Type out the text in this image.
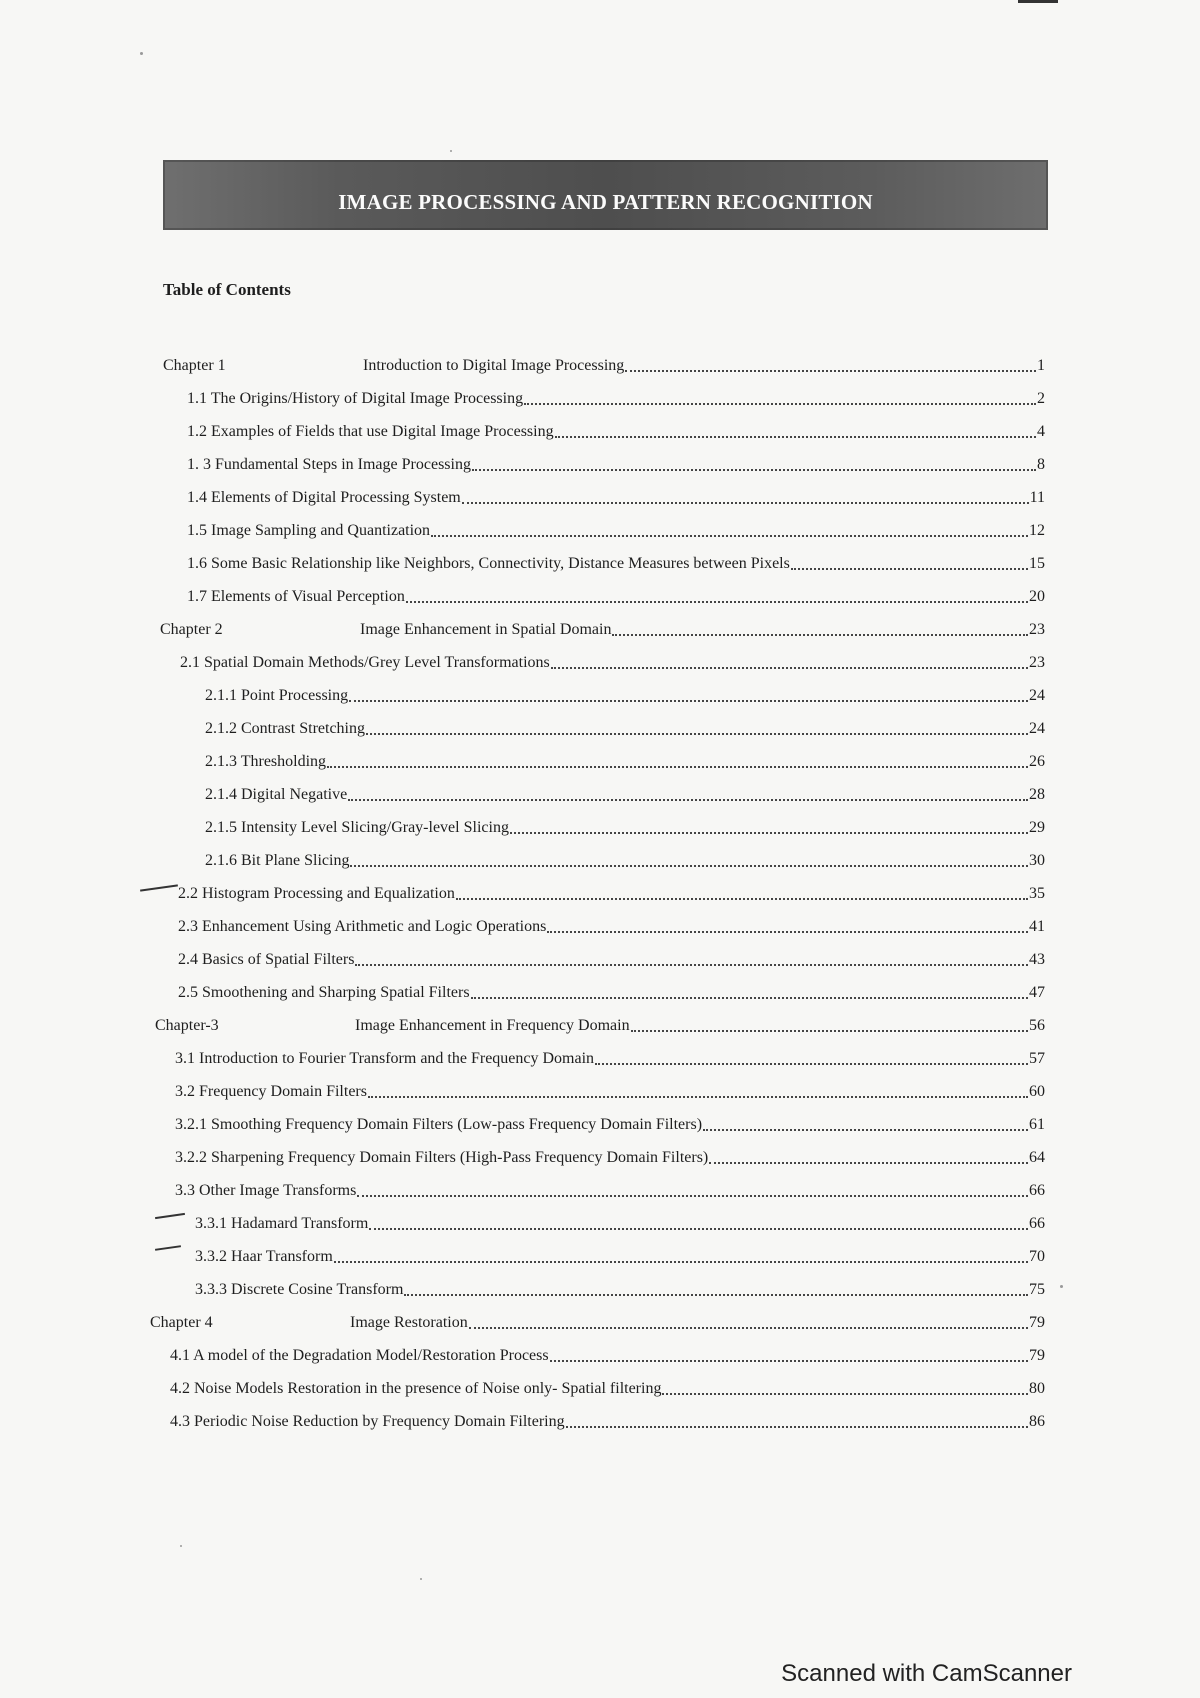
IMAGE PROCESSING AND PATTERN RECOGNITION
Table of Contents
Chapter 1	Introduction to Digital Image Processing	1
1.1 The Origins/History of Digital Image Processing	2
1.2 Examples of Fields that use Digital Image Processing	4
1. 3 Fundamental Steps in Image Processing	8
1.4 Elements of Digital Processing System	11
1.5 Image Sampling and Quantization	12
1.6 Some Basic Relationship like Neighbors, Connectivity, Distance Measures between Pixels	15
1.7 Elements of Visual Perception	20
Chapter 2	Image Enhancement in Spatial Domain	23
2.1 Spatial Domain Methods/Grey Level Transformations	23
2.1.1 Point Processing	24
2.1.2 Contrast Stretching	24
2.1.3 Thresholding	26
2.1.4 Digital Negative	28
2.1.5 Intensity Level Slicing/Gray-level Slicing	29
2.1.6 Bit Plane Slicing	30
2.2 Histogram Processing and Equalization	35
2.3 Enhancement Using Arithmetic and Logic Operations	41
2.4 Basics of Spatial Filters	43
2.5 Smoothening and Sharping Spatial Filters	47
Chapter-3	Image Enhancement in Frequency Domain	56
3.1 Introduction to Fourier Transform and the Frequency Domain	57
3.2 Frequency Domain Filters	60
3.2.1 Smoothing Frequency Domain Filters (Low-pass Frequency Domain Filters)	61
3.2.2 Sharpening Frequency Domain Filters (High-Pass Frequency Domain Filters)	64
3.3 Other Image Transforms	66
3.3.1 Hadamard Transform	66
3.3.2 Haar Transform	70
3.3.3 Discrete Cosine Transform	75
Chapter 4	Image Restoration	79
4.1 A model of the Degradation Model/Restoration Process	79
4.2 Noise Models Restoration in the presence of Noise only- Spatial filtering	80
4.3 Periodic Noise Reduction by Frequency Domain Filtering	86
Scanned with CamScanner
